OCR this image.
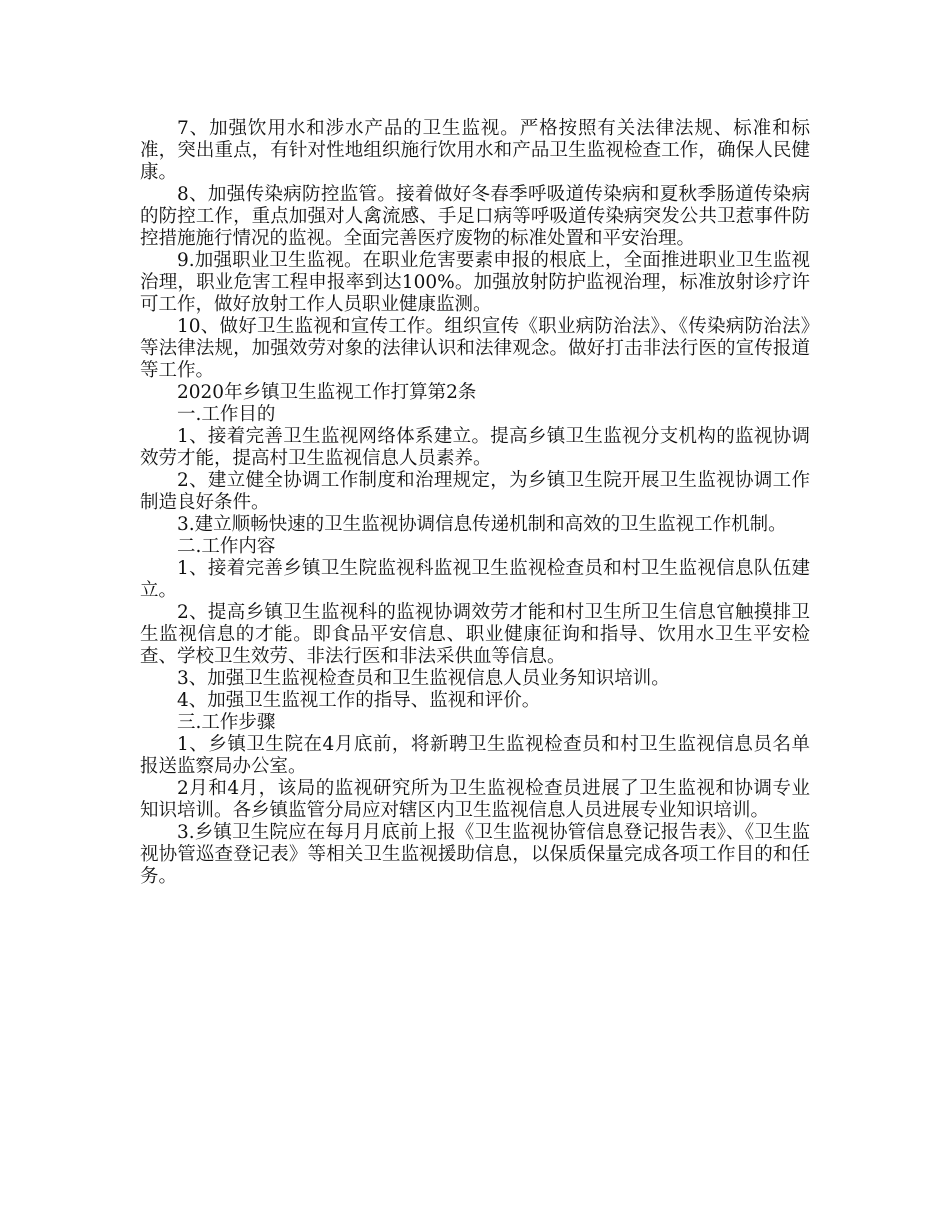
7、加强饮用水和涉水产品的卫生监视。严格按照有关法律法规、标准和标准，突出重点，有针对性地组织施行饮用水和产品卫生监视检查工作，确保人民健康。

8、加强传染病防控监管。接着做好冬春季呼吸道传染病和夏秋季肠道传染病的防控工作，重点加强对人禽流感、手足口病等呼吸道传染病突发公共卫惹事件防控措施施行情况的监视。全面完善医疗废物的标准处置和平安治理。

9.加强职业卫生监视。在职业危害要素申报的根底上，全面推进职业卫生监视治理，职业危害工程申报率到达100%。加强放射防护监视治理，标准放射诊疗许可工作，做好放射工作人员职业健康监测。

10、做好卫生监视和宣传工作。组织宣传《职业病防治法》、《传染病防治法》等法律法规，加强效劳对象的法律认识和法律观念。做好打击非法行医的宣传报道等工作。

2020年乡镇卫生监视工作打算第2条

一.工作目的

1、接着完善卫生监视网络体系建立。提高乡镇卫生监视分支机构的监视协调效劳才能，提高村卫生监视信息人员素养。

2、建立健全协调工作制度和治理规定，为乡镇卫生院开展卫生监视协调工作制造良好条件。

3.建立顺畅快速的卫生监视协调信息传递机制和高效的卫生监视工作机制。

二.工作内容

1、接着完善乡镇卫生院监视科监视卫生监视检查员和村卫生监视信息队伍建立。

2、提高乡镇卫生监视科的监视协调效劳才能和村卫生所卫生信息官触摸排卫生监视信息的才能。即食品平安信息、职业健康征询和指导、饮用水卫生平安检查、学校卫生效劳、非法行医和非法采供血等信息。

3、加强卫生监视检查员和卫生监视信息人员业务知识培训。

4、加强卫生监视工作的指导、监视和评价。

三.工作步骤

1、乡镇卫生院在4月底前，将新聘卫生监视检查员和村卫生监视信息员名单报送监察局办公室。

2月和4月，该局的监视研究所为卫生监视检查员进展了卫生监视和协调专业知识培训。各乡镇监管分局应对辖区内卫生监视信息人员进展专业知识培训。

3.乡镇卫生院应在每月月底前上报《卫生监视协管信息登记报告表》、《卫生监视协管巡查登记表》等相关卫生监视援助信息，以保质保量完成各项工作目的和任务。
